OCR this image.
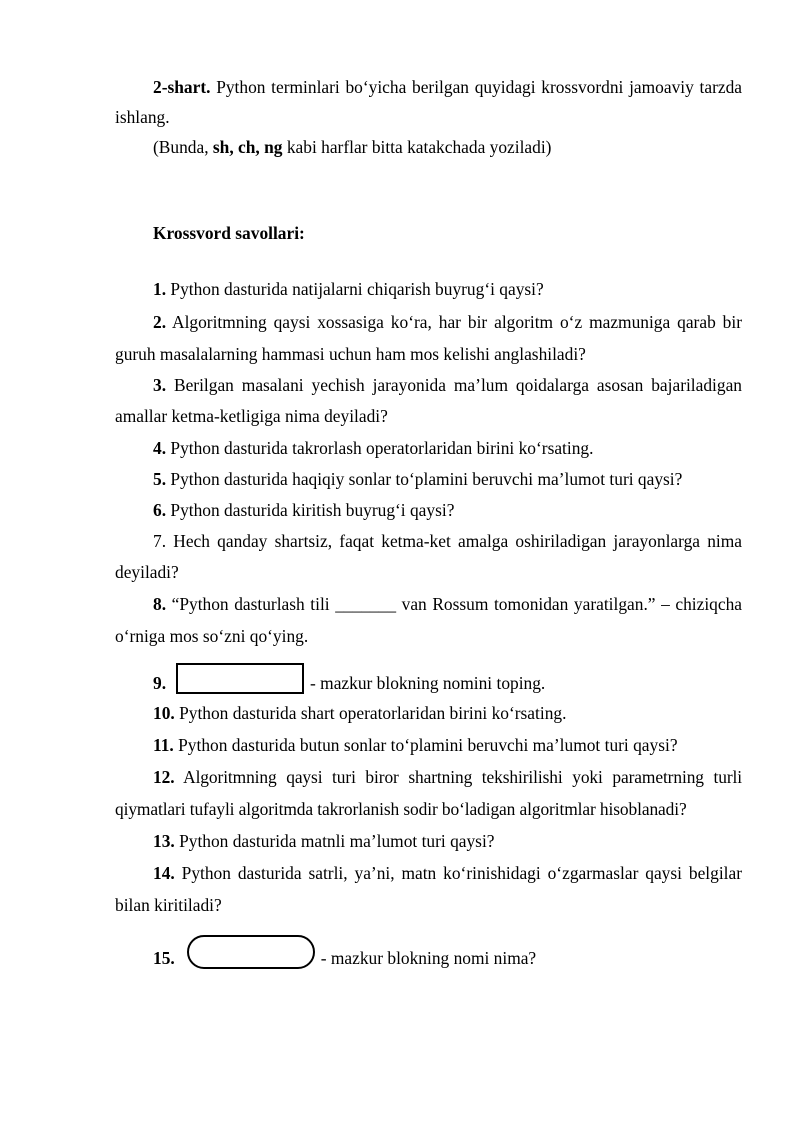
2-shart. Python terminlari bo‘yicha berilgan quyidagi krossvordni jamoaviy tarzda ishlang.

(Bunda, sh, ch, ng kabi harflar bitta katakchada yoziladi)

Krossvord savollari:

1. Python dasturida natijalarni chiqarish buyrug‘i qaysi?

2. Algoritmning qaysi xossasiga ko‘ra, har bir algoritm o‘z mazmuniga qarab bir guruh masalalarning hammasi uchun ham mos kelishi anglashiladi?

3. Berilgan masalani yechish jarayonida ma’lum qoidalarga asosan bajariladigan amallar ketma-ketligiga nima deyiladi?

4. Python dasturida takrorlash operatorlaridan birini ko‘rsating.

5. Python dasturida haqiqiy sonlar to‘plamini beruvchi ma’lumot turi qaysi?

6. Python dasturida kiritish buyrug‘i qaysi?

7. Hech qanday shartsiz, faqat ketma-ket amalga oshiriladigan jarayonlarga nima deyiladi?

8. “Python dasturlash tili _______ van Rossum tomonidan yaratilgan.” – chiziqcha o‘rniga mos so‘zni qo‘ying.

9.	- mazkur blokning nomini toping.

10. Python dasturida shart operatorlaridan birini ko‘rsating.

11. Python dasturida butun sonlar to‘plamini beruvchi ma’lumot turi qaysi?

12. Algoritmning qaysi turi biror shartning tekshirilishi yoki parametrning turli qiymatlari tufayli algoritmda takrorlanish sodir bo‘ladigan algoritmlar hisoblanadi?

13. Python dasturida matnli ma’lumot turi qaysi?

14. Python dasturida satrli, ya’ni, matn ko‘rinishidagi o‘zgarmaslar qaysi belgilar bilan kiritiladi?

15.	- mazkur blokning nomi nima?
